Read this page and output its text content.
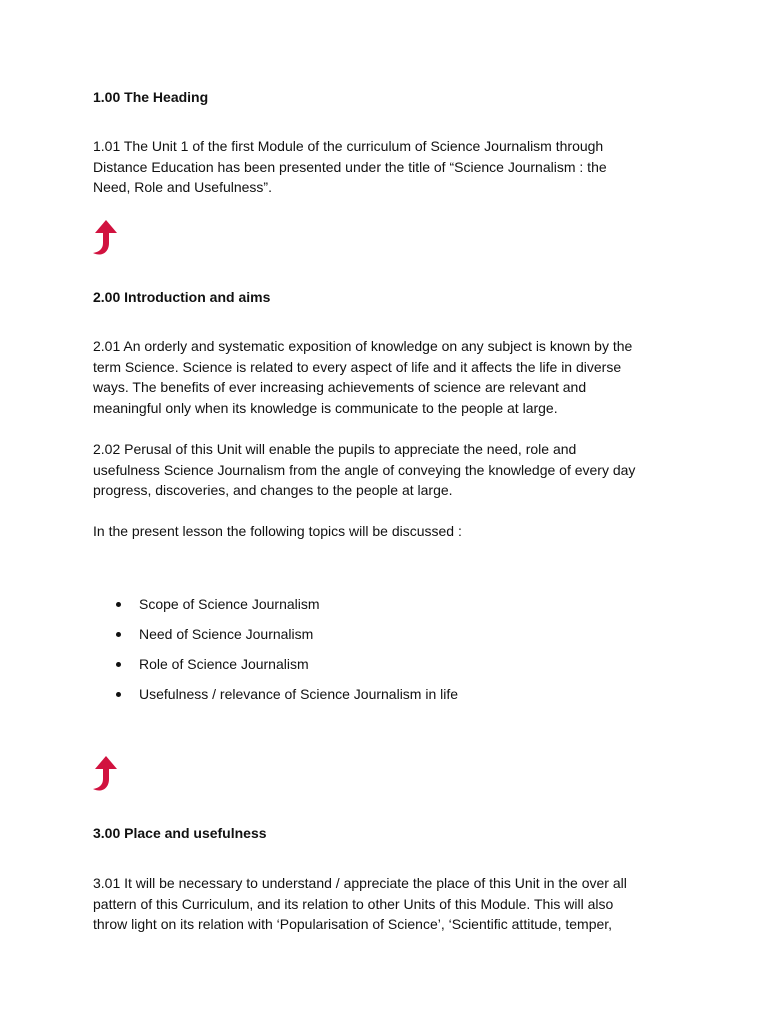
1.00 The Heading
1.01 The Unit 1 of the first Module of the curriculum of Science Journalism through
Distance Education has been presented under the title of “Science Journalism : the
Need, Role and Usefulness”.
2.00 Introduction and aims
2.01 An orderly and systematic exposition of knowledge on any subject is known by the
term Science. Science is related to every aspect of life and it affects the life in diverse
ways. The benefits of ever increasing achievements of science are relevant and
meaningful only when its knowledge is communicate to the people at large.
2.02 Perusal of this Unit will enable the pupils to appreciate the need, role and
usefulness Science Journalism from the angle of conveying the knowledge of every day
progress, discoveries, and changes to the people at large.
In the present lesson the following topics will be discussed :
Scope of Science Journalism
Need of Science Journalism
Role of Science Journalism
Usefulness / relevance of Science Journalism in life
3.00 Place and usefulness
3.01 It will be necessary to understand / appreciate the place of this Unit in the over all
pattern of this Curriculum, and its relation to other Units of this Module. This will also
throw light on its relation with ‘Popularisation of Science’, ‘Scientific attitude, temper,
